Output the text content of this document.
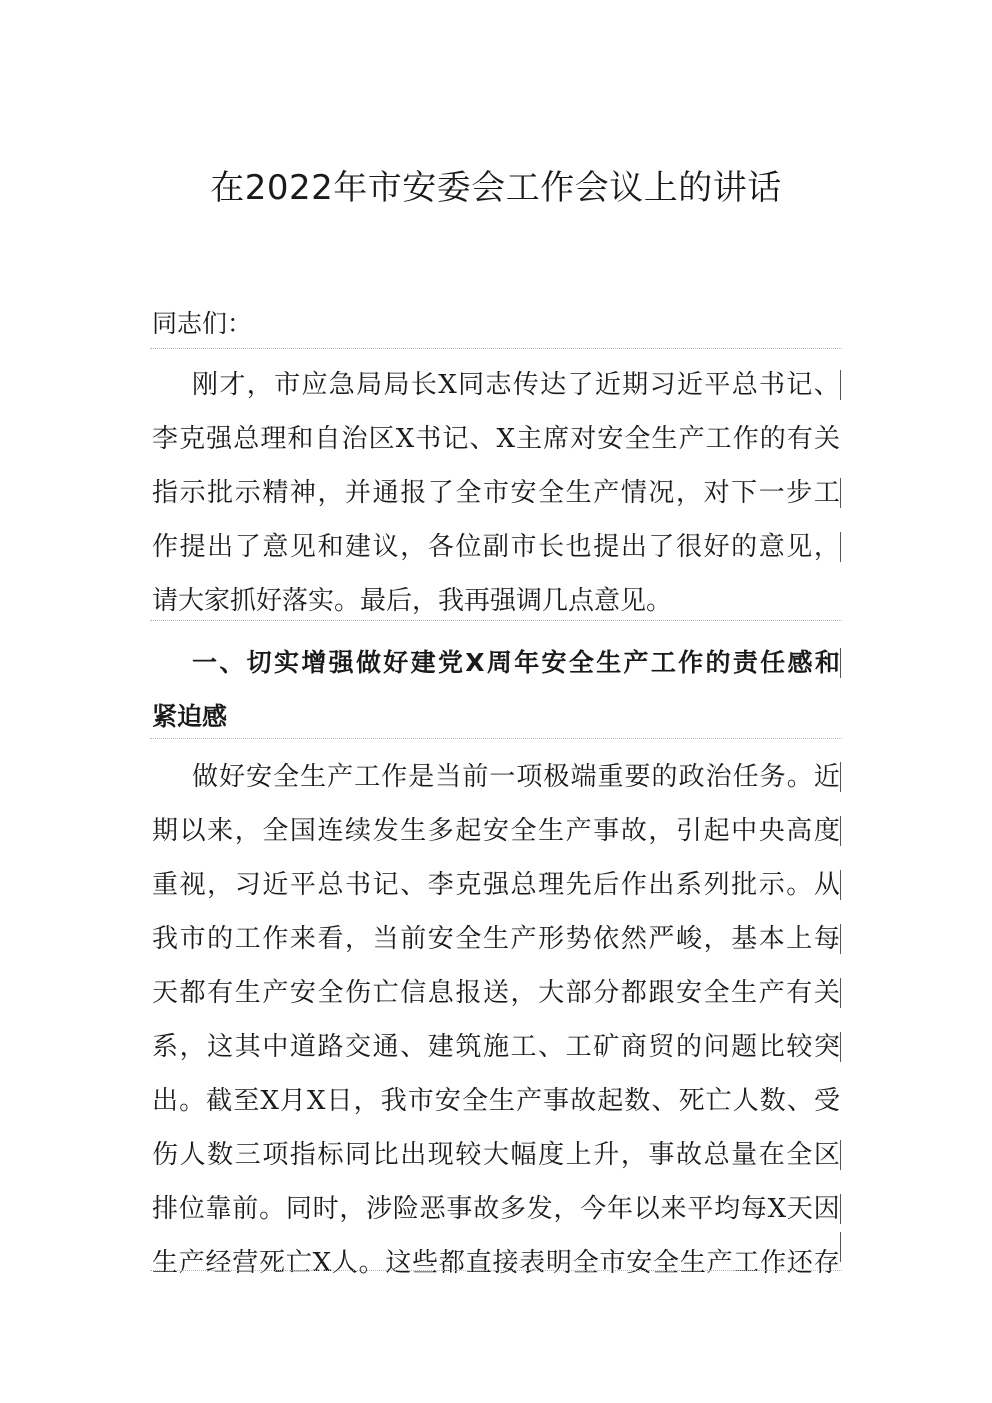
在2022年市安委会工作会议上的讲话
同志们：
刚 才 ， 市 应 急 局 局 长 X 同 志 传 达 了 近 期 习 近 平 总 书 记 、
李 克 强 总 理 和 自 治 区 X 书 记 、 X 主 席 对 安 全 生 产 工 作 的 有 关
指 示 批 示 精 神 ， 并 通 报 了 全 市 安 全 生 产 情 况 ， 对 下 一 步 工
作 提 出 了 意 见 和 建 议 ， 各 位 副 市 长 也 提 出 了 很 好 的 意 见 ，
请大家抓好落实。最后，我再强调几点意见。
一 、 切 实 增 强 做 好 建 党 X 周 年 安 全 生 产 工 作 的 责 任 感 和
紧迫感
做 好 安 全 生 产 工 作 是 当 前 一 项 极 端 重 要 的 政 治 任 务 。 近
期 以 来 ， 全 国 连 续 发 生 多 起 安 全 生 产 事 故 ， 引 起 中 央 高 度
重 视 ， 习 近 平 总 书 记 、 李 克 强 总 理 先 后 作 出 系 列 批 示 。 从
我 市 的 工 作 来 看 ， 当 前 安 全 生 产 形 势 依 然 严 峻 ， 基 本 上 每
天 都 有 生 产 安 全 伤 亡 信 息 报 送 ， 大 部 分 都 跟 安 全 生 产 有 关
系 ， 这 其 中 道 路 交 通 、 建 筑 施 工 、 工 矿 商 贸 的 问 题 比 较 突
出 。 截 至 X 月 X 日 ， 我 市 安 全 生 产 事 故 起 数 、 死 亡 人 数 、 受
伤 人 数 三 项 指 标 同 比 出 现 较 大 幅 度 上 升 ， 事 故 总 量 在 全 区
排 位 靠 前 。 同 时 ， 涉 险 恶 事 故 多 发 ， 今 年 以 来 平 均 每 X 天 因
生 产 经 营 死 亡 X 人 。 这 些 都 直 接 表 明 全 市 安 全 生 产 工 作 还 存
